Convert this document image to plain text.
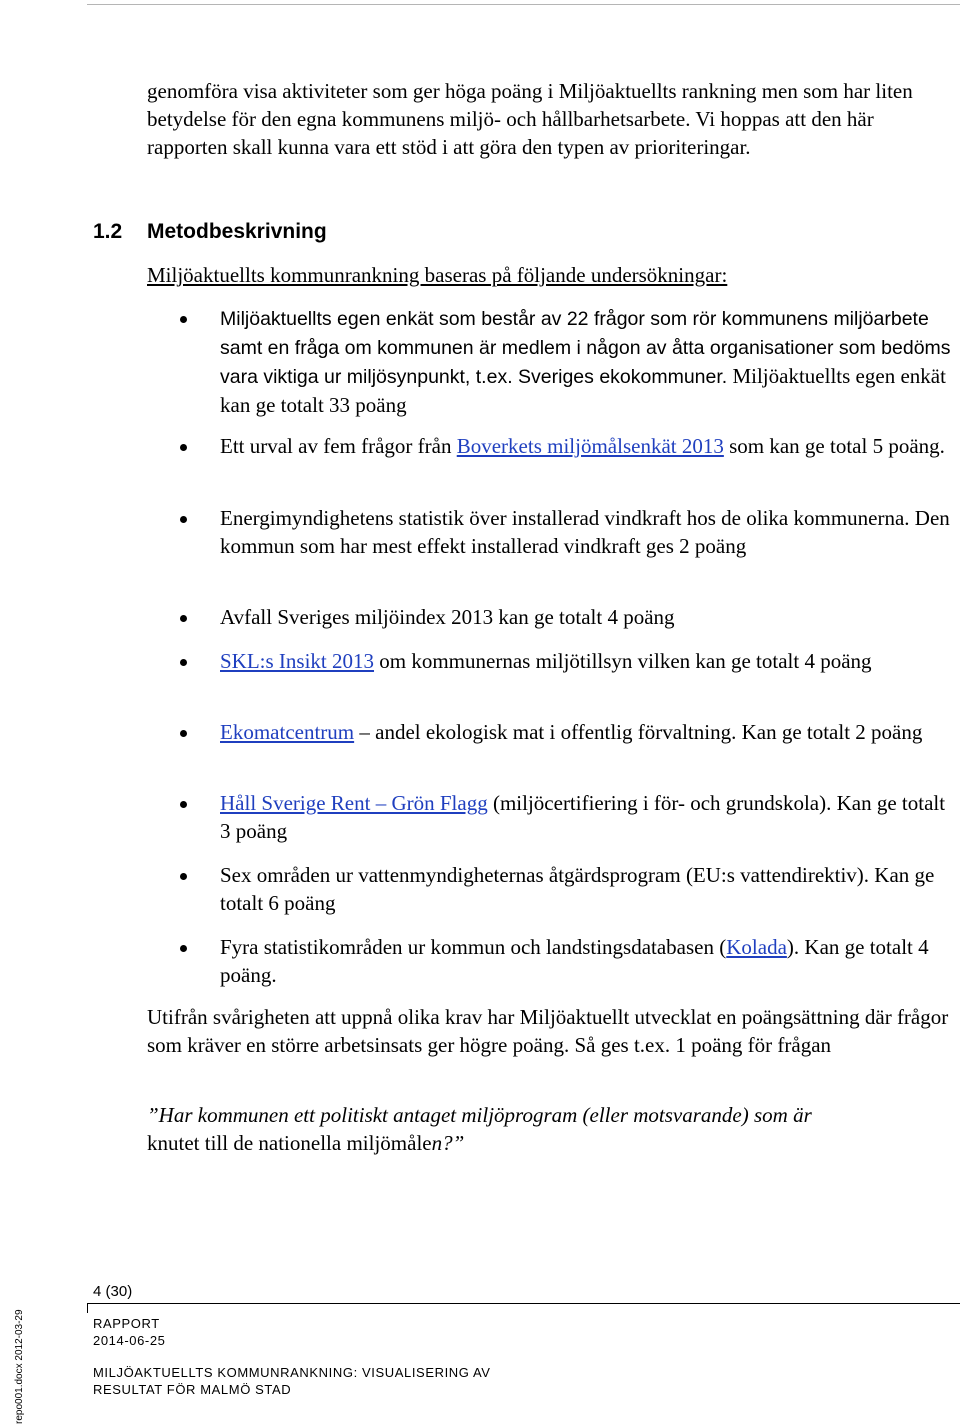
genomföra visa aktiviteter som ger höga poäng i Miljöaktuellts rankning men som har liten betydelse för den egna kommunens miljö- och hållbarhetsarbete. Vi hoppas att den här rapporten skall kunna vara ett stöd i att göra den typen av prioriteringar.

1.2 Metodbeskrivning

Miljöaktuellts kommunrankning baseras på följande undersökningar:

Miljöaktuellts egen enkät som består av 22 frågor som rör kommunens miljöarbete samt en fråga om kommunen är medlem i någon av åtta organisationer som bedöms vara viktiga ur miljösynpunkt, t.ex. Sveriges ekokommuner. Miljöaktuellts egen enkät kan ge totalt 33 poäng
Ett urval av fem frågor från Boverkets miljömålsenkät 2013 som kan ge total 5 poäng.
Energimyndighetens statistik över installerad vindkraft hos de olika kommunerna. Den kommun som har mest effekt installerad vindkraft ges 2 poäng
Avfall Sveriges miljöindex 2013 kan ge totalt 4 poäng
SKL:s Insikt 2013 om kommunernas miljötillsyn vilken kan ge totalt 4 poäng
Ekomatcentrum – andel ekologisk mat i offentlig förvaltning. Kan ge totalt 2 poäng
Håll Sverige Rent – Grön Flagg (miljöcertifiering i för- och grundskola). Kan ge totalt 3 poäng
Sex områden ur vattenmyndigheternas åtgärdsprogram (EU:s vattendirektiv). Kan ge totalt 6 poäng
Fyra statistikområden ur kommun och landstingsdatabasen (Kolada). Kan ge totalt 4 poäng.

Utifrån svårigheten att uppnå olika krav har Miljöaktuellt utvecklat en poängsättning där frågor som kräver en större arbetsinsats ger högre poäng. Så ges t.ex. 1 poäng för frågan

”Har kommunen ett politiskt antaget miljöprogram (eller motsvarande) som är
knutet till de nationella miljömålen?”

4 (30)
RAPPORT
2014-06-25
MILJÖAKTUELLTS KOMMUNRANKNING: VISUALISERING AV
RESULTAT FÖR MALMÖ STAD
repo001.docx 2012-03-29
